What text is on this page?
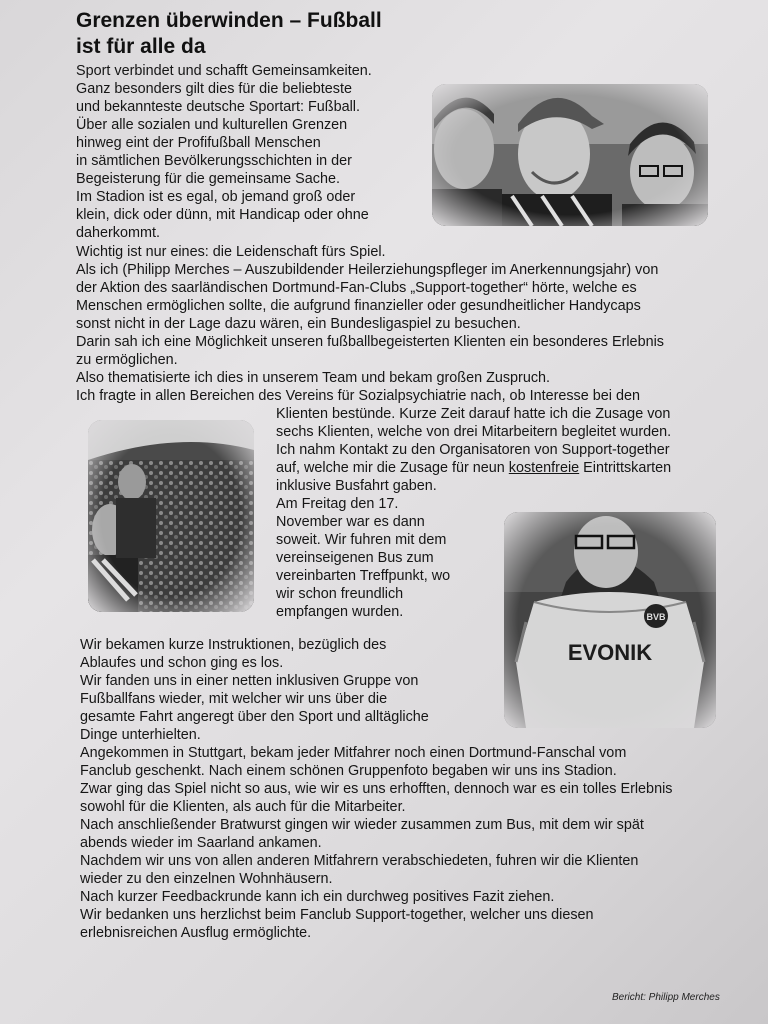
Grenzen überwinden – Fußball
ist für alle da
Sport verbindet und schafft Gemeinsamkeiten.
Ganz besonders gilt dies für die beliebteste
und bekannteste deutsche Sportart: Fußball.
Über alle sozialen und kulturellen Grenzen
hinweg eint der Profifußball Menschen
in sämtlichen Bevölkerungsschichten in der
Begeisterung für die gemeinsame Sache.
Im Stadion ist es egal, ob jemand groß oder
klein, dick oder dünn, mit Handicap oder ohne
daherkommt.
Wichtig ist nur eines: die Leidenschaft fürs Spiel.
Als ich (Philipp Merches – Auszubildender Heilerziehungspfleger im Anerkennungsjahr) von
der Aktion des saarländischen Dortmund-Fan-Clubs „Support-together“ hörte, welche es
Menschen ermöglichen sollte, die aufgrund finanzieller oder gesundheitlicher Handycaps
sonst nicht in der Lage dazu wären, ein Bundesligaspiel zu besuchen.
Darin sah ich eine Möglichkeit unseren fußballbegeisterten Klienten ein besonderes Erlebnis
zu ermöglichen.
Also thematisierte ich dies in unserem Team und bekam großen Zuspruch.
Ich fragte in allen Bereichen des Vereins für Sozialpsychiatrie nach, ob Interesse bei den
Klienten bestünde. Kurze Zeit darauf hatte ich die Zusage von
sechs Klienten, welche von drei Mitarbeitern begleitet wurden.
Ich nahm Kontakt zu den Organisatoren von Support-together
auf, welche mir die Zusage für neun kostenfreie Eintrittskarten
inklusive Busfahrt gaben.
Am Freitag den 17.
November war es dann
soweit. Wir fuhren mit dem
vereinseigenen Bus zum
vereinbarten Treffpunkt, wo
wir schon freundlich
empfangen wurden.
Wir bekamen kurze Instruktionen, bezüglich des
Ablaufes und schon ging es los.
Wir fanden uns in einer netten inklusiven Gruppe von
Fußballfans wieder, mit welcher wir uns über die
gesamte Fahrt angeregt über den Sport und alltägliche
Dinge unterhielten.
Angekommen in Stuttgart, bekam jeder Mitfahrer noch einen Dortmund-Fanschal vom
Fanclub geschenkt. Nach einem schönen Gruppenfoto begaben wir uns ins Stadion.
Zwar ging das Spiel nicht so aus, wie wir es uns erhofften, dennoch war es ein tolles Erlebnis
sowohl für die Klienten, als auch für die Mitarbeiter.
Nach anschließender Bratwurst gingen wir wieder zusammen zum Bus, mit dem wir spät
abends wieder im Saarland ankamen.
Nachdem wir uns von allen anderen Mitfahrern verabschiedeten, fuhren wir die Klienten
wieder zu den einzelnen Wohnhäusern.
Nach kurzer Feedbackrunde kann ich ein durchweg positives Fazit ziehen.
Wir bedanken uns herzlichst beim Fanclub Support-together, welcher uns diesen
erlebnisreichen Ausflug ermöglichte.
Bericht: Philipp Merches
